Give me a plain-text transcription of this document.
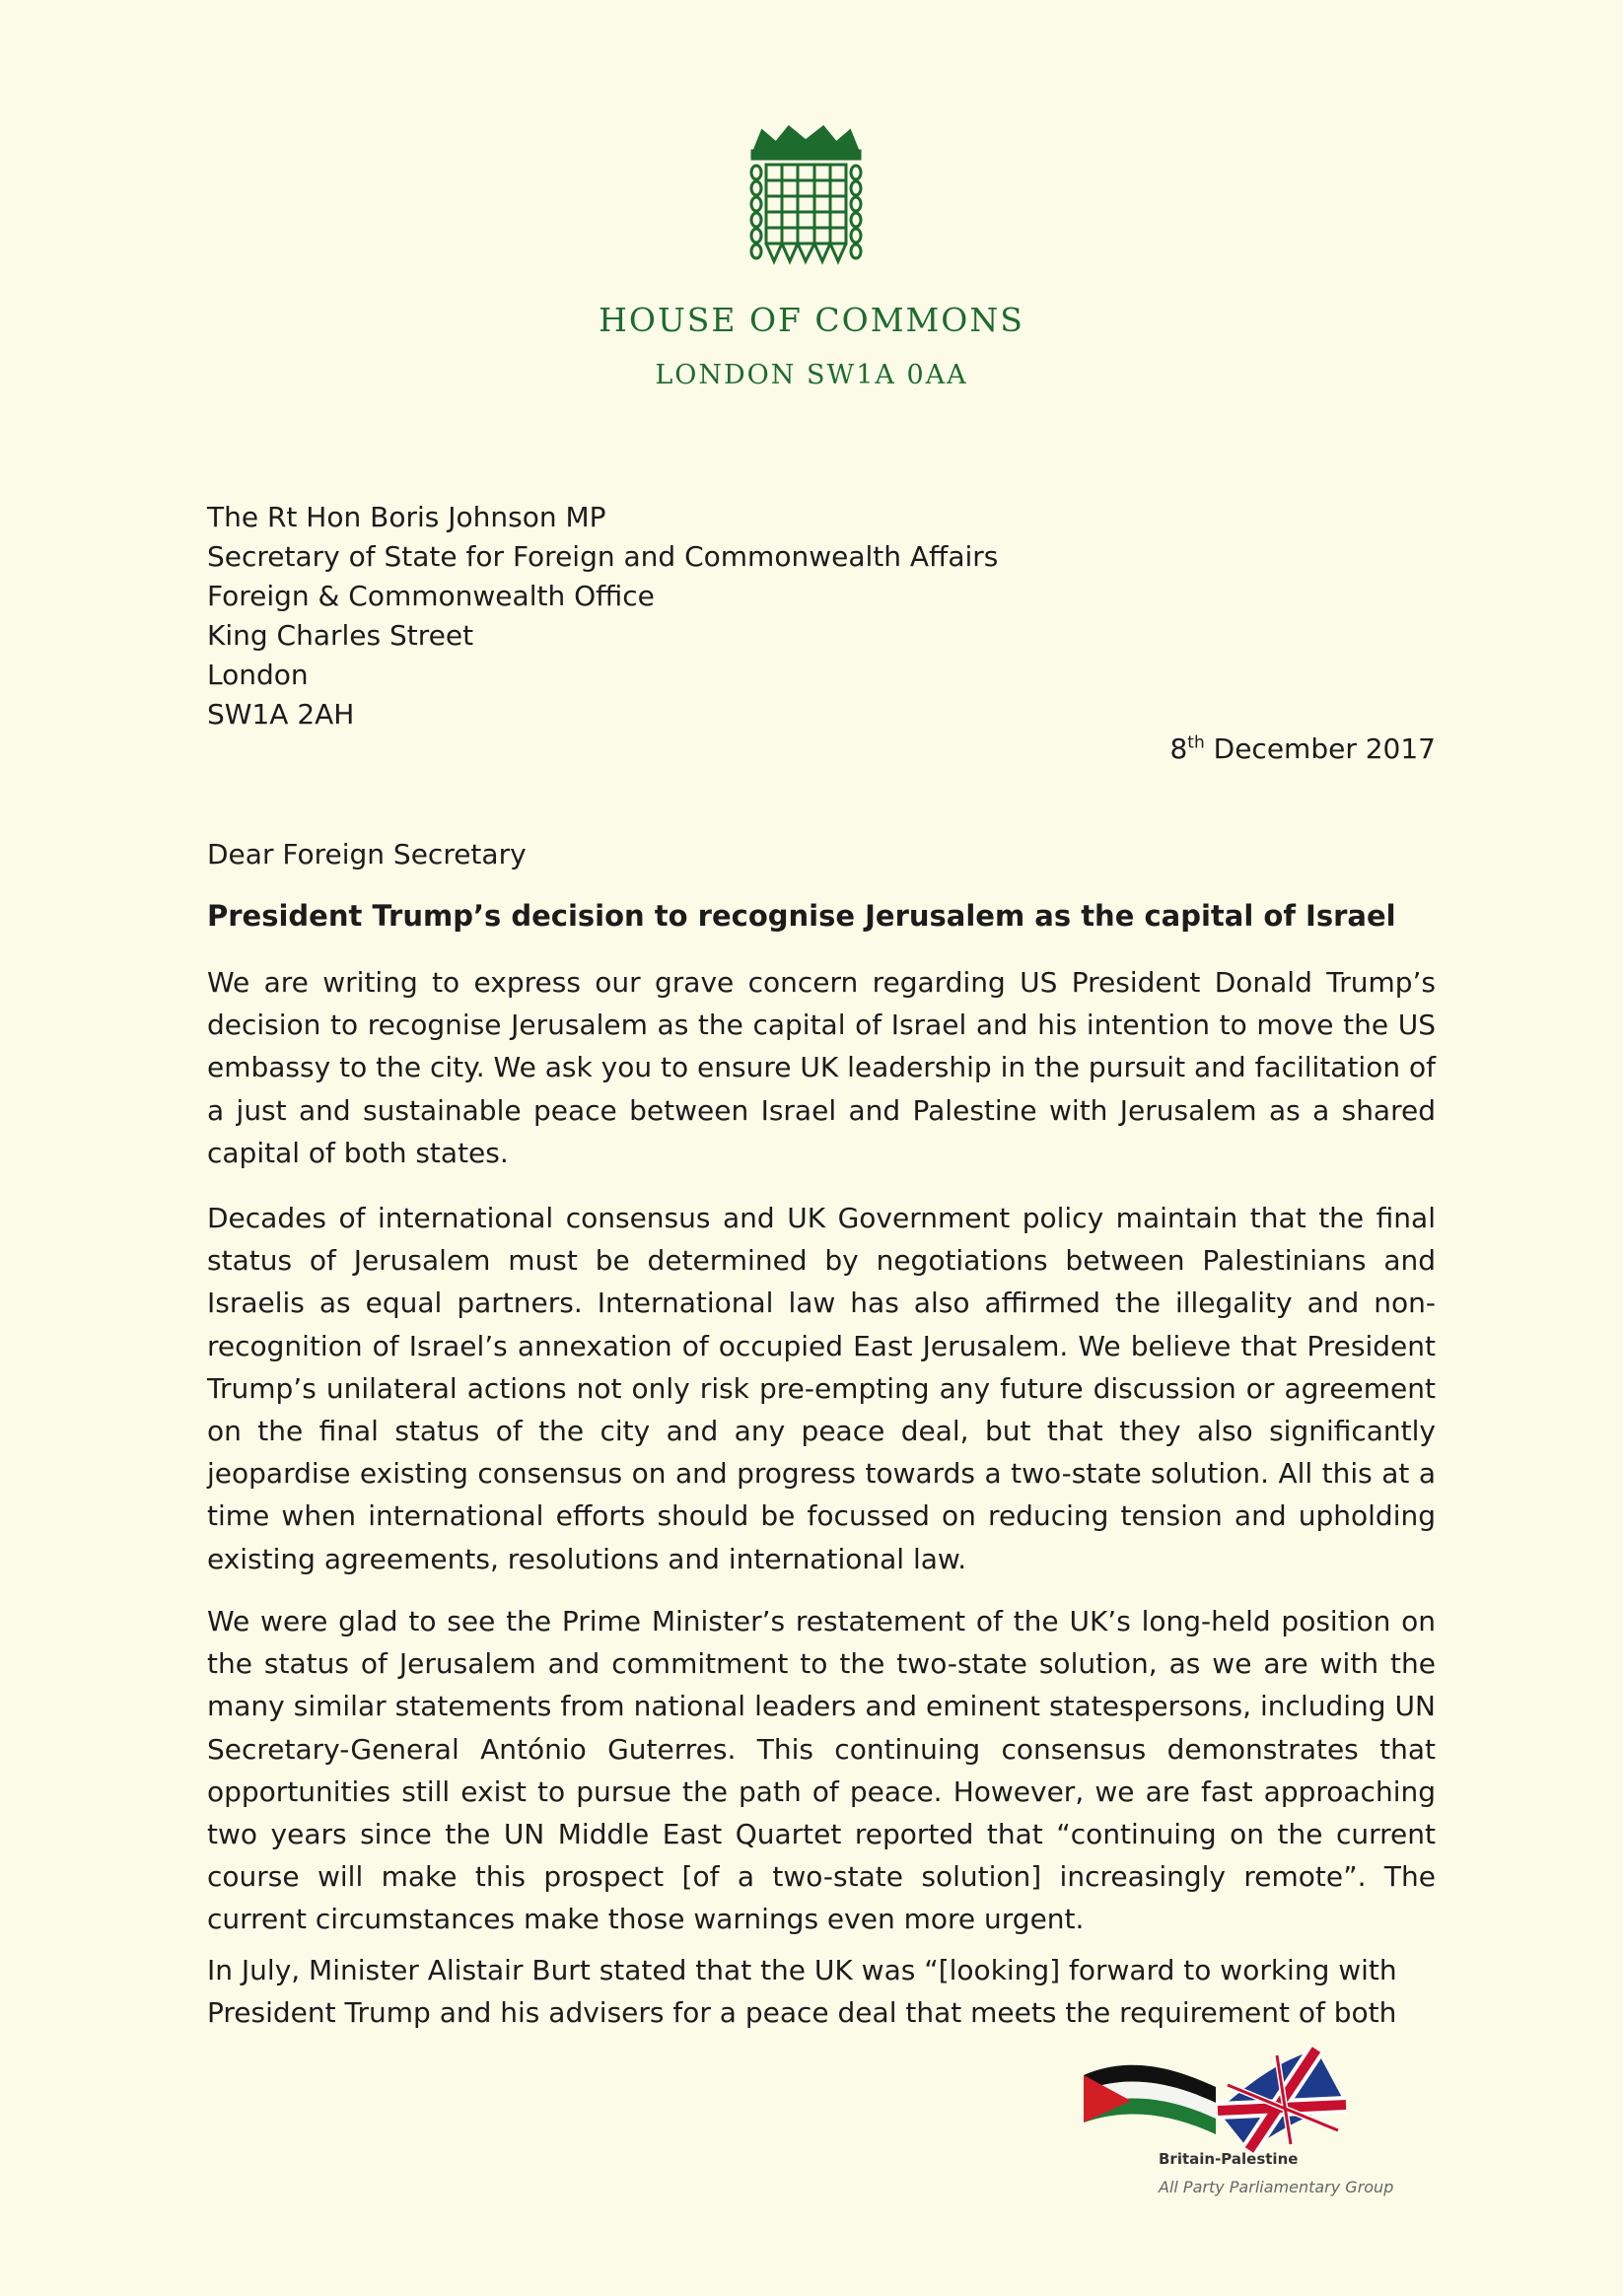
HOUSE OF COMMONS
LONDON SW1A 0AA
The Rt Hon Boris Johnson MP
Secretary of State for Foreign and Commonwealth Affairs
Foreign & Commonwealth Office
King Charles Street
London
SW1A 2AH
8th December 2017
Dear Foreign Secretary
President Trump’s decision to recognise Jerusalem as the capital of Israel

We are writing to express our grave concern regarding US President Donald Trump’s decision to recognise Jerusalem as the capital of Israel and his intention to move the US embassy to the city. We ask you to ensure UK leadership in the pursuit and facilitation of a just and sustainable peace between Israel and Palestine with Jerusalem as a shared capital of both states.

Decades of international consensus and UK Government policy maintain that the final status of Jerusalem must be determined by negotiations between Palestinians and Israelis as equal partners. International law has also affirmed the illegality and non-recognition of Israel’s annexation of occupied East Jerusalem. We believe that President Trump’s unilateral actions not only risk pre-empting any future discussion or agreement on the final status of the city and any peace deal, but that they also significantly jeopardise existing consensus on and progress towards a two-state solution. All this at a time when international efforts should be focussed on reducing tension and upholding existing agreements, resolutions and international law.

We were glad to see the Prime Minister’s restatement of the UK’s long-held position on the status of Jerusalem and commitment to the two-state solution, as we are with the many similar statements from national leaders and eminent statespersons, including UN Secretary-General António Guterres. This continuing consensus demonstrates that opportunities still exist to pursue the path of peace. However, we are fast approaching two years since the UN Middle East Quartet reported that “continuing on the current course will make this prospect [of a two-state solution] increasingly remote”. The current circumstances make those warnings even more urgent.

In July, Minister Alistair Burt stated that the UK was “[looking] forward to working with President Trump and his advisers for a peace deal that meets the requirement of both

Britain-Palestine
All Party Parliamentary Group
